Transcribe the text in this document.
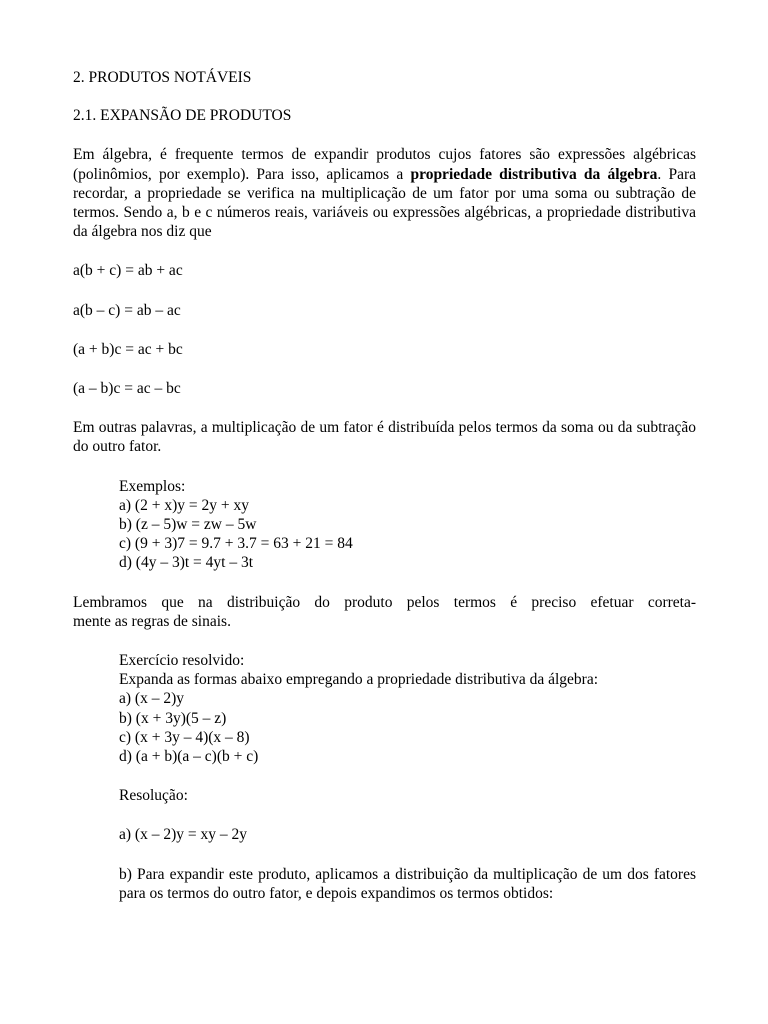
2. PRODUTOS NOTÁVEIS

2.1. EXPANSÃO DE PRODUTOS

Em álgebra, é frequente termos de expandir produtos cujos fatores são expressões algébricas (polinômios, por exemplo). Para isso, aplicamos a propriedade distributiva da álgebra. Para recordar, a propriedade se verifica na multiplicação de um fator por uma soma ou subtração de termos. Sendo a, b e c números reais, variáveis ou expressões algébricas, a propriedade distributiva da álgebra nos diz que

a(b + c) = ab + ac

a(b – c) = ab – ac

(a + b)c = ac + bc

(a – b)c = ac – bc

Em outras palavras, a multiplicação de um fator é distribuída pelos termos da soma ou da subtração do outro fator.

Exemplos:
a) (2 + x)y = 2y + xy
b) (z – 5)w = zw – 5w
c) (9 + 3)7 = 9.7 + 3.7 = 63 + 21 = 84
d) (4y – 3)t = 4yt – 3t
Lembramos que na distribuição do produto pelos termos é preciso efetuar correta-
mente as regras de sinais.
Exercício resolvido:
Expanda as formas abaixo empregando a propriedade distributiva da álgebra:
a) (x – 2)y
b) (x + 3y)(5 – z)
c) (x + 3y – 4)(x – 8)
d) (a + b)(a – c)(b + c)
Resolução:
a) (x – 2)y = xy – 2y

b) Para expandir este produto, aplicamos a distribuição da multiplicação de um dos fatores para os termos do outro fator, e depois expandimos os termos obtidos:
